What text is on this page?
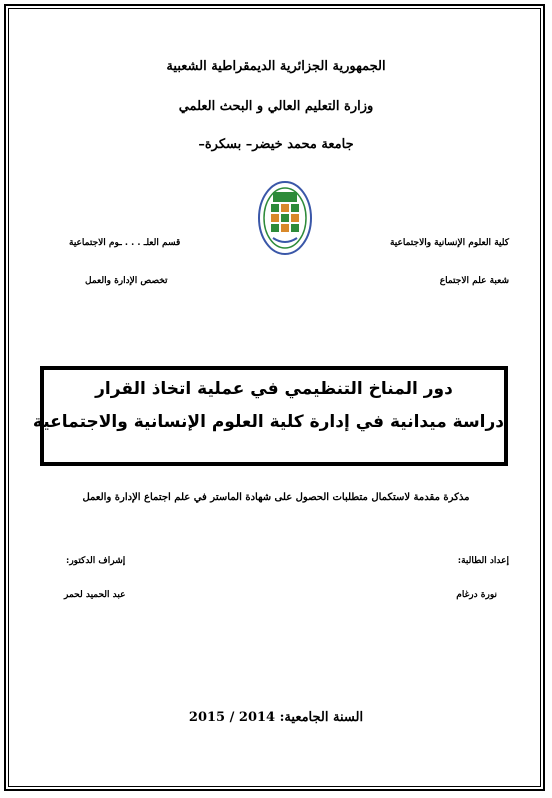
الجمهورية الجزائرية الديمقراطية الشعبية
وزارة التعليم العالي و البحث العلمي
جامعة محمد خيضر– بسكرة–
كلية العلوم الإنسانية والاجتماعية
شعبة علم الاجتماع
قسم العلـ . . . ـوم الاجتماعية
تخصص الإدارة والعمل
دور المناخ التنظيمي في عملية اتخاذ القرار
دراسة ميدانية في إدارة كلية العلوم الإنسانية والاجتماعية
مذكرة مقدمة لاستكمال متطلبات الحصول على شهادة الماستر في علم اجتماع الإدارة والعمل
إعداد الطالبة:
نورة درغام
إشراف الدكتور:
عبد الحميد لحمر
السنة الجامعية: 2014 / 2015
